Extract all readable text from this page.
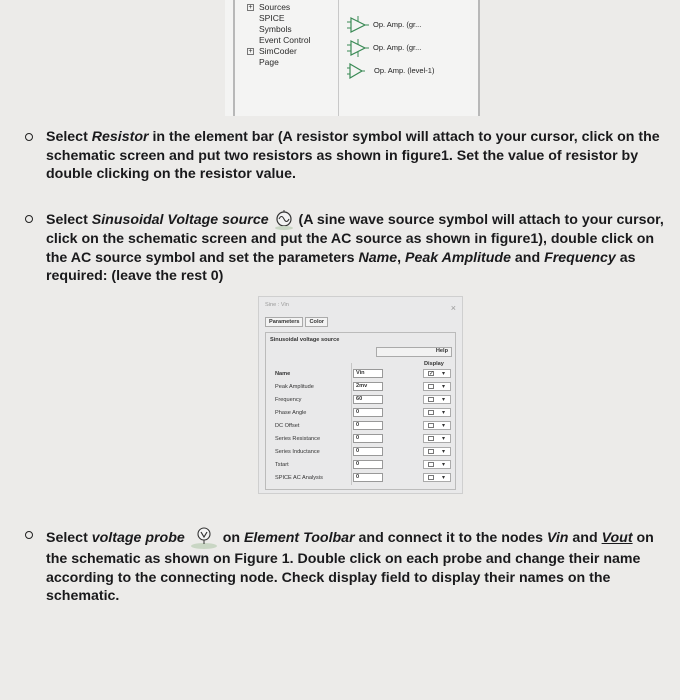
+ Sources
SPICE
Symbols
Event Control
+ SimCoder
Page
Op. Amp. (gr...
Op. Amp. (gr...
Op. Amp. (level-1)
Select Resistor in the element bar (A resistor symbol will attach to your cursor, click on the schematic screen and put two resistors as shown in figure1. Set the value of resistor by double clicking on the resistor value.
Select Sinusoidal Voltage source  (A sine wave source symbol will attach to your cursor, click on the schematic screen and put the AC source as shown in figure1), double click on the AC source symbol and set the parameters Name, Peak Amplitude and Frequency as required: (leave the rest 0)
Sine : Vin	×
Parameters	Color
Sinusoidal voltage source
Help
Display
Name	Vin	✓ ▾
Peak Amplitude	2mv	▾
Frequency	60	▾
Phase Angle	0	▾
DC Offset	0	▾
Series Resistance	0	▾
Series Inductance	0	▾
Tstart	0	▾
SPICE AC Analysis	0	▾
Select voltage probe	on Element Toolbar and connect it to the nodes Vin and Vout on the schematic as shown on Figure 1. Double click on each probe and change their name according to the connecting node. Check display field to display their names on the schematic.
